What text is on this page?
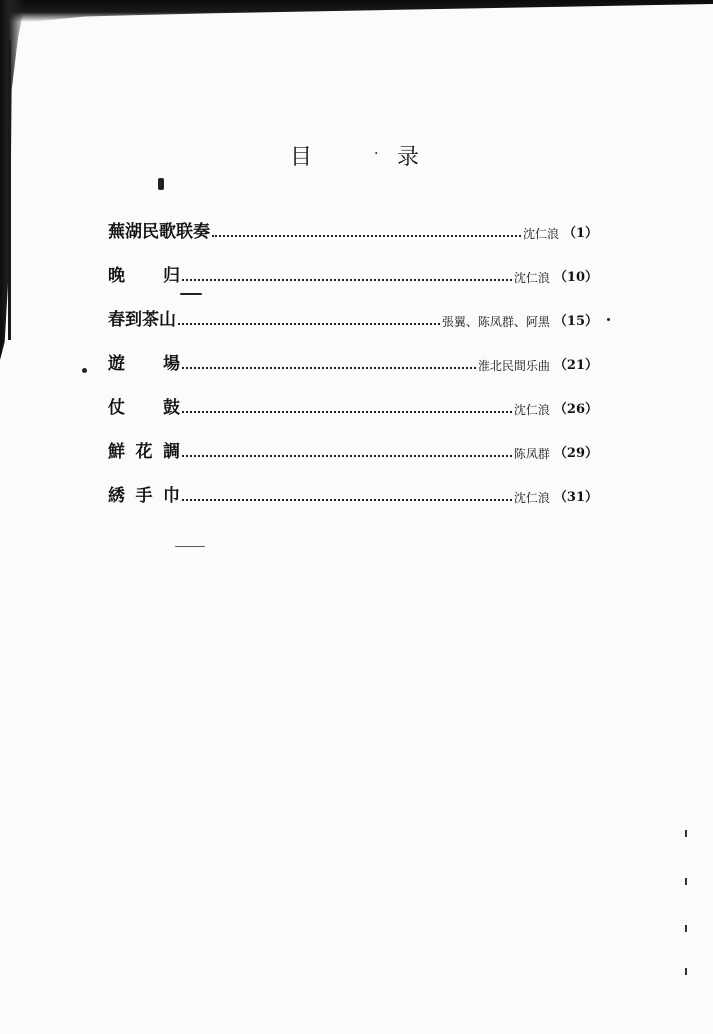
目	· 录
蕪湖民歌联奏	沈仁浪 （1）
晚 归	沈仁浪 （10）
春到茶山	張翼、陈凤群、阿黑 （15）
遊 場	淮北民間乐曲 （21）
仗 鼓	沈仁浪 （26）
鮮 花 調	陈凤群 （29）
綉 手 巾	沈仁浪 （31）
